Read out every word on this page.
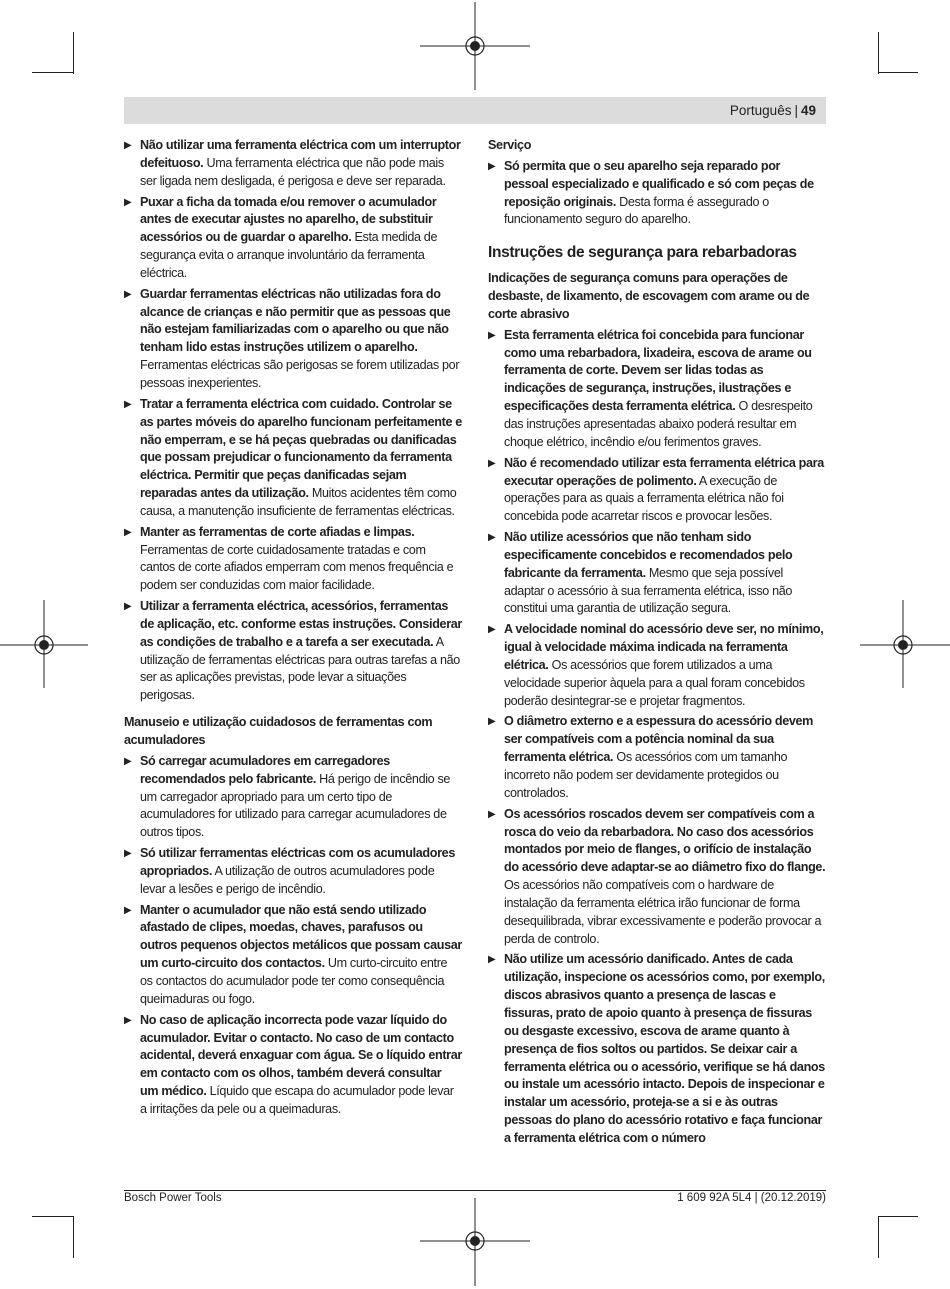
Português | 49
▶ Não utilizar uma ferramenta eléctrica com um interruptor defeituoso. Uma ferramenta eléctrica que não pode mais ser ligada nem desligada, é perigosa e deve ser reparada.
▶ Puxar a ficha da tomada e/ou remover o acumulador antes de executar ajustes no aparelho, de substituir acessórios ou de guardar o aparelho. Esta medida de segurança evita o arranque involuntário da ferramenta eléctrica.
▶ Guardar ferramentas eléctricas não utilizadas fora do alcance de crianças e não permitir que as pessoas que não estejam familiarizadas com o aparelho ou que não tenham lido estas instruções utilizem o aparelho. Ferramentas eléctricas são perigosas se forem utilizadas por pessoas inexperientes.
▶ Tratar a ferramenta eléctrica com cuidado. Controlar se as partes móveis do aparelho funcionam perfeitamente e não emperram, e se há peças quebradas ou danificadas que possam prejudicar o funcionamento da ferramenta eléctrica. Permitir que peças danificadas sejam reparadas antes da utilização. Muitos acidentes têm como causa, a manutenção insuficiente de ferramentas eléctricas.
▶ Manter as ferramentas de corte afiadas e limpas. Ferramentas de corte cuidadosamente tratadas e com cantos de corte afiados emperram com menos frequência e podem ser conduzidas com maior facilidade.
▶ Utilizar a ferramenta eléctrica, acessórios, ferramentas de aplicação, etc. conforme estas instruções. Considerar as condições de trabalho e a tarefa a ser executada. A utilização de ferramentas eléctricas para outras tarefas a não ser as aplicações previstas, pode levar a situações perigosas.
Manuseio e utilização cuidadosos de ferramentas com acumuladores
▶ Só carregar acumuladores em carregadores recomendados pelo fabricante. Há perigo de incêndio se um carregador apropriado para um certo tipo de acumuladores for utilizado para carregar acumuladores de outros tipos.
▶ Só utilizar ferramentas eléctricas com os acumuladores apropriados. A utilização de outros acumuladores pode levar a lesões e perigo de incêndio.
▶ Manter o acumulador que não está sendo utilizado afastado de clipes, moedas, chaves, parafusos ou outros pequenos objectos metálicos que possam causar um curto-circuito dos contactos. Um curto-circuito entre os contactos do acumulador pode ter como consequência queimaduras ou fogo.
▶ No caso de aplicação incorrecta pode vazar líquido do acumulador. Evitar o contacto. No caso de um contacto acidental, deverá enxaguar com água. Se o líquido entrar em contacto com os olhos, também deverá consultar um médico. Líquido que escapa do acumulador pode levar a irritações da pele ou a queimaduras.
Serviço
▶ Só permita que o seu aparelho seja reparado por pessoal especializado e qualificado e só com peças de reposição originais. Desta forma é assegurado o funcionamento seguro do aparelho.
Instruções de segurança para rebarbadoras
Indicações de segurança comuns para operações de desbaste, de lixamento, de escovagem com arame ou de corte abrasivo
▶ Esta ferramenta elétrica foi concebida para funcionar como uma rebarbadora, lixadeira, escova de arame ou ferramenta de corte. Devem ser lidas todas as indicações de segurança, instruções, ilustrações e especificações desta ferramenta elétrica. O desrespeito das instruções apresentadas abaixo poderá resultar em choque elétrico, incêndio e/ou ferimentos graves.
▶ Não é recomendado utilizar esta ferramenta elétrica para executar operações de polimento. A execução de operações para as quais a ferramenta elétrica não foi concebida pode acarretar riscos e provocar lesões.
▶ Não utilize acessórios que não tenham sido especificamente concebidos e recomendados pelo fabricante da ferramenta. Mesmo que seja possível adaptar o acessório à sua ferramenta elétrica, isso não constitui uma garantia de utilização segura.
▶ A velocidade nominal do acessório deve ser, no mínimo, igual à velocidade máxima indicada na ferramenta elétrica. Os acessórios que forem utilizados a uma velocidade superior àquela para a qual foram concebidos poderão desintegrar-se e projetar fragmentos.
▶ O diâmetro externo e a espessura do acessório devem ser compatíveis com a potência nominal da sua ferramenta elétrica. Os acessórios com um tamanho incorreto não podem ser devidamente protegidos ou controlados.
▶ Os acessórios roscados devem ser compatíveis com a rosca do veio da rebarbadora. No caso dos acessórios montados por meio de flanges, o orifício de instalação do acessório deve adaptar-se ao diâmetro fixo do flange. Os acessórios não compatíveis com o hardware de instalação da ferramenta elétrica irão funcionar de forma desequilibrada, vibrar excessivamente e poderão provocar a perda de controlo.
▶ Não utilize um acessório danificado. Antes de cada utilização, inspecione os acessórios como, por exemplo, discos abrasivos quanto a presença de lascas e fissuras, prato de apoio quanto à presença de fissuras ou desgaste excessivo, escova de arame quanto à presença de fios soltos ou partidos. Se deixar cair a ferramenta elétrica ou o acessório, verifique se há danos ou instale um acessório intacto. Depois de inspecionar e instalar um acessório, proteja-se a si e às outras pessoas do plano do acessório rotativo e faça funcionar a ferramenta elétrica com o número
Bosch Power Tools	1 609 92A 5L4 | (20.12.2019)
